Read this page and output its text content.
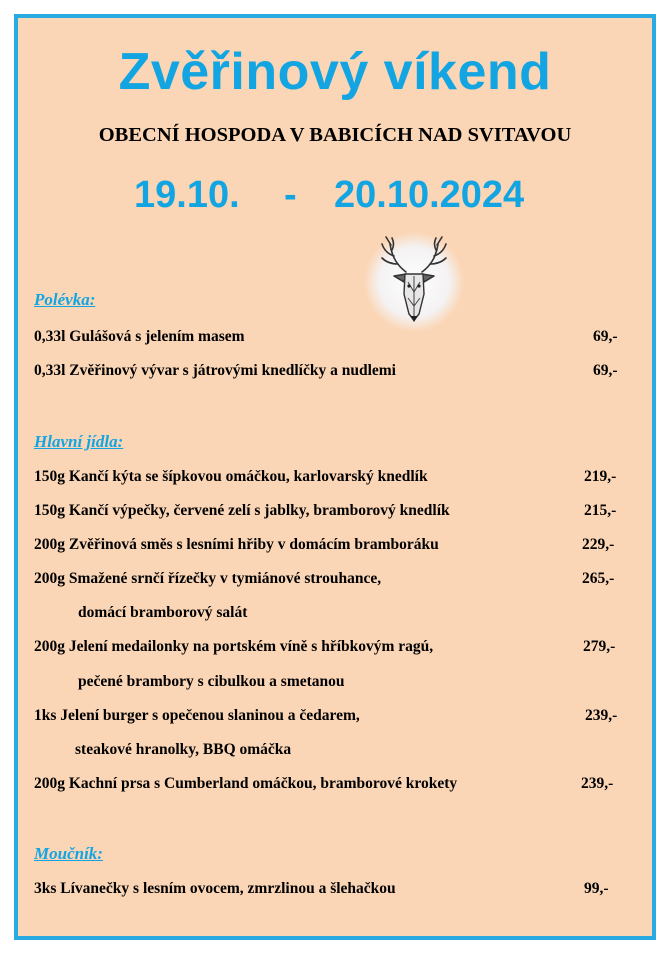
Zvěřinový víkend
OBECNÍ HOSPODA V BABICÍCH NAD SVITAVOU
19.10. - 20.10.2024
Polévka:
0,33l Gulášová s jelením masem	69,-
0,33l Zvěřinový vývar s játrovými knedlíčky a nudlemi	69,-
Hlavní jídla:
150g Kančí kýta se šípkovou omáčkou, karlovarský knedlík	219,-
150g Kančí výpečky, červené zelí s jablky, bramborový knedlík	215,-
200g Zvěřinová směs s lesními hřiby v domácím bramboráku	229,-
200g Smažené srnčí řízečky v tymiánové strouhance,	265,-
domácí bramborový salát
200g Jelení medailonky na portském víně s hříbkovým ragú,	279,-
pečené brambory s cibulkou a smetanou
1ks Jelení burger s opečenou slaninou a čedarem,	239,-
steakové hranolky, BBQ omáčka
200g Kachní prsa s Cumberland omáčkou, bramborové krokety	239,-
Moučník:
3ks Lívanečky s lesním ovocem, zmrzlinou a šlehačkou	99,-
